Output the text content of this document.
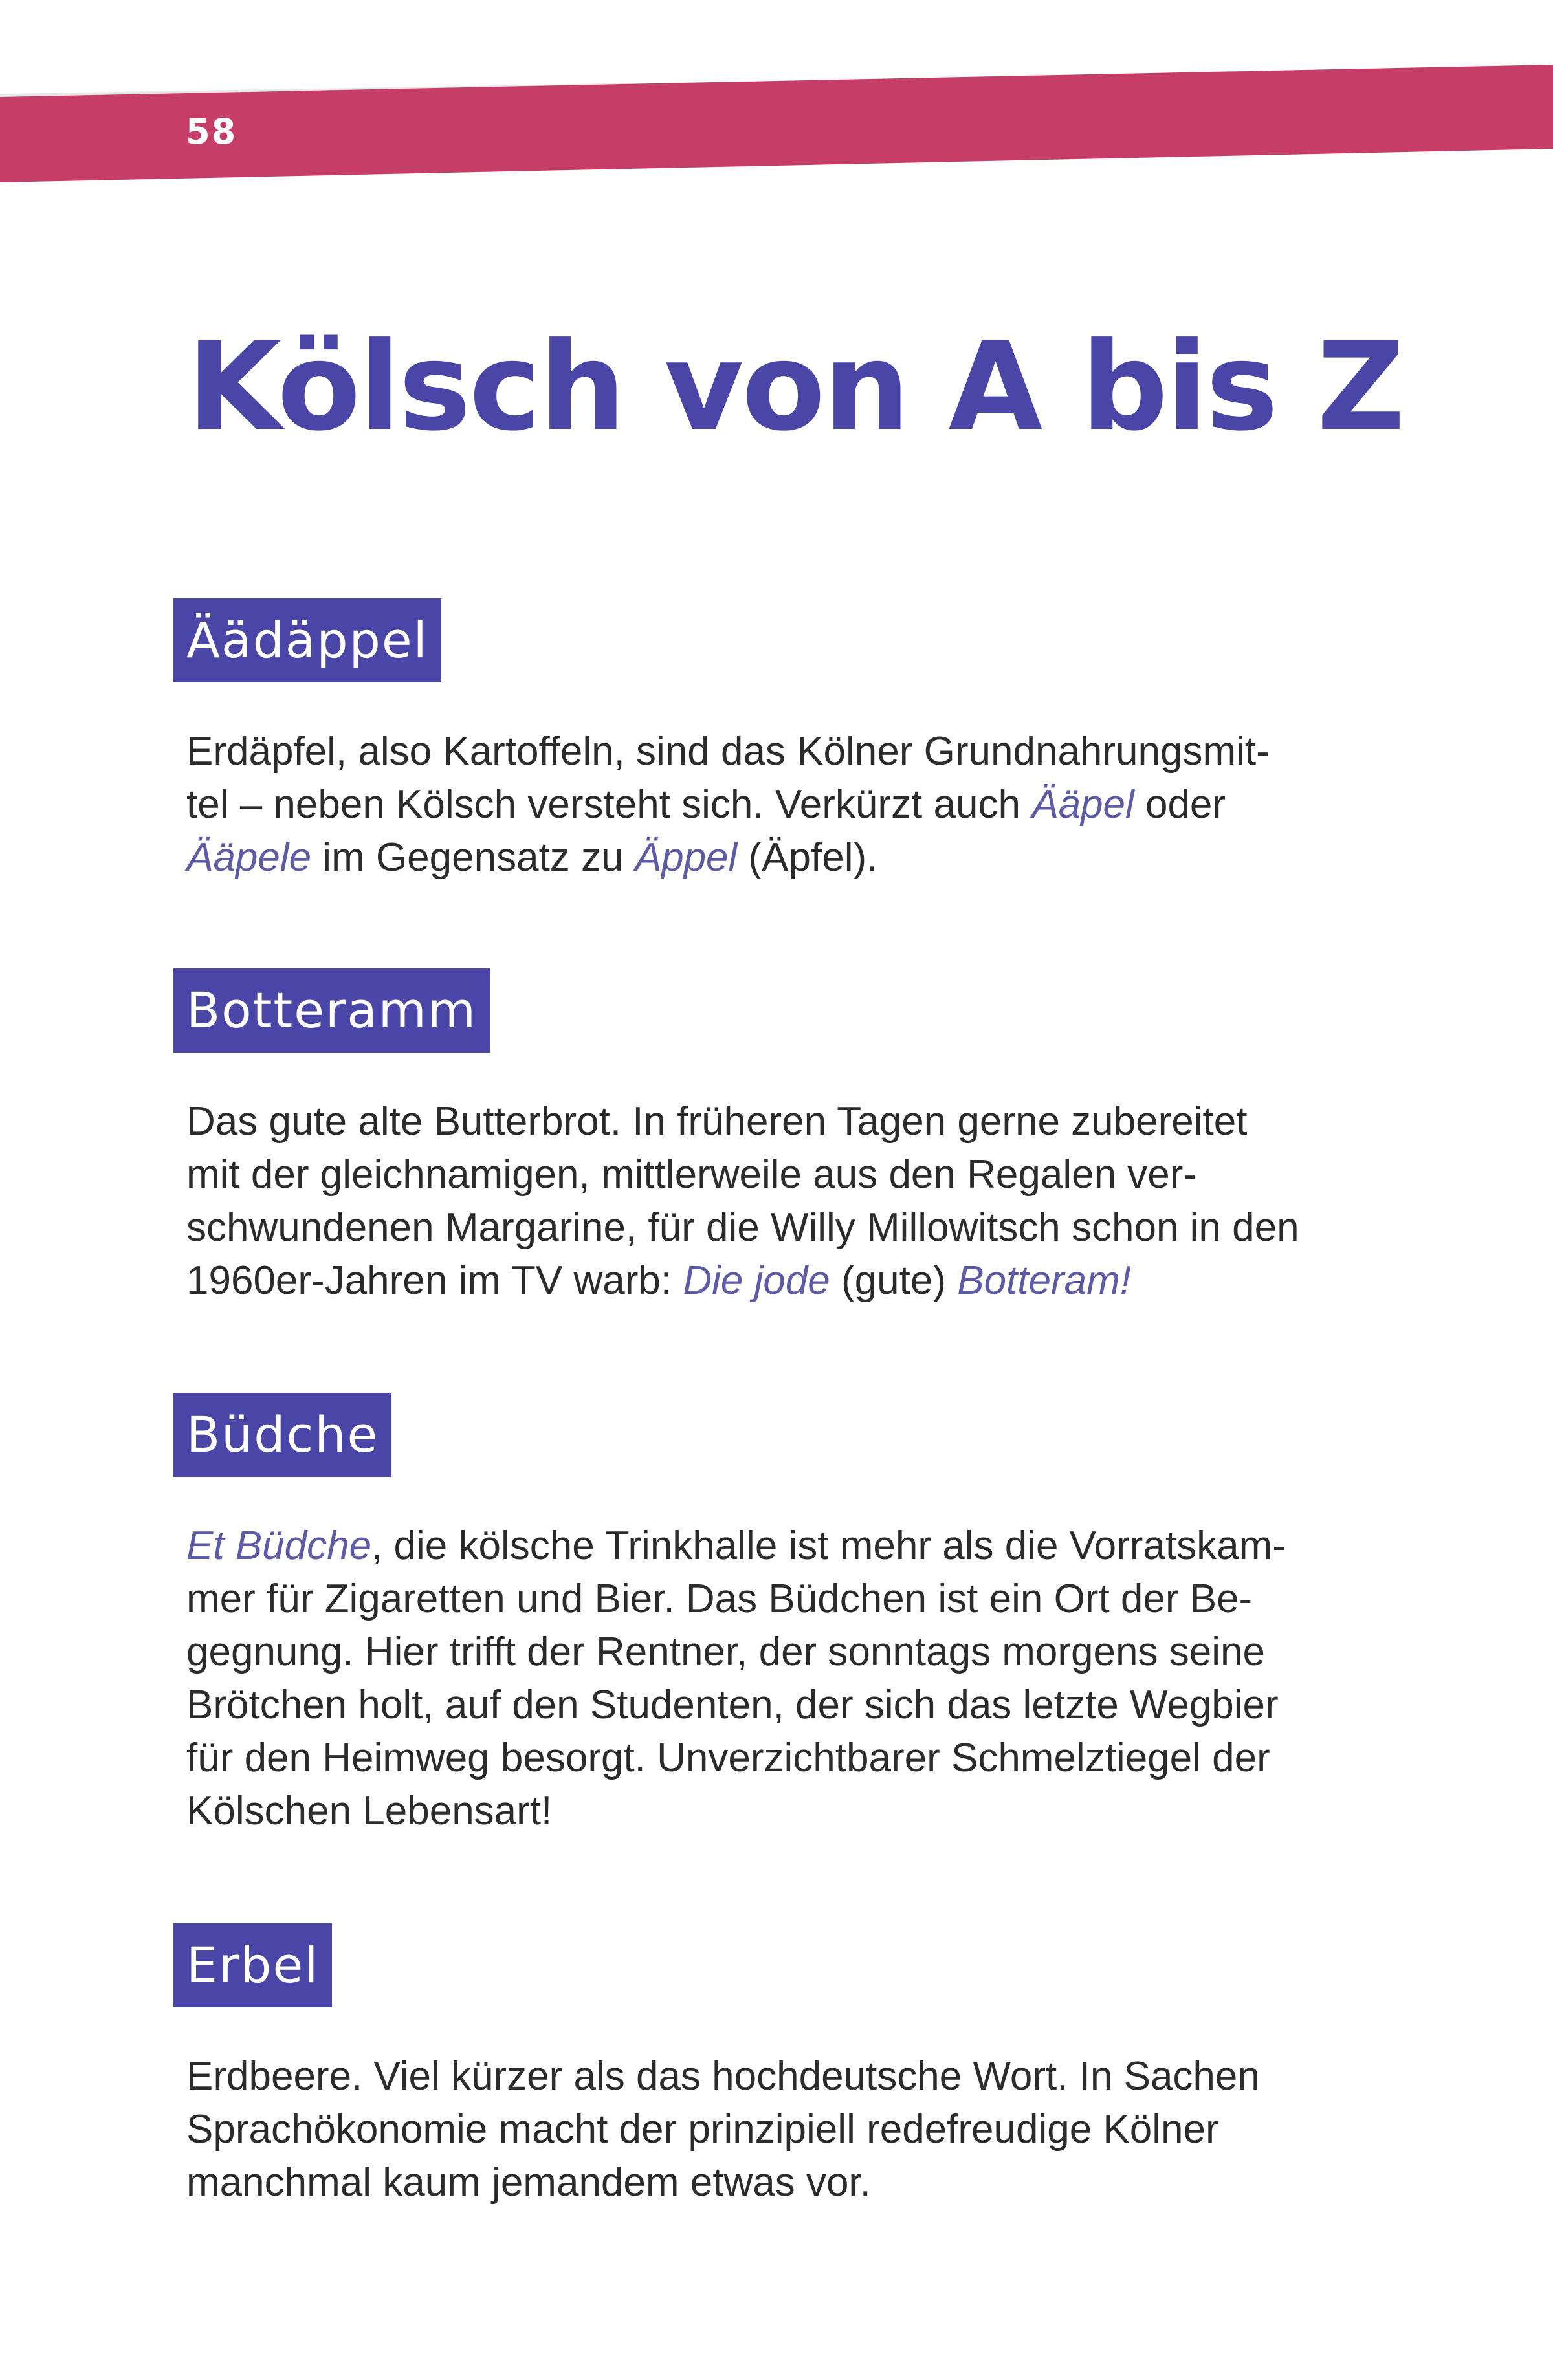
58
Kölsch von A bis Z
Äädäppel
Erdäpfel, also Kartoffeln, sind das Kölner Grundnahrungsmit-
tel – neben Kölsch versteht sich. Verkürzt auch Ääpel oder
Ääpele im Gegensatz zu Äppel (Äpfel).
Botteramm
Das gute alte Butterbrot. In früheren Tagen gerne zubereitet
mit der gleichnamigen, mittlerweile aus den Regalen ver-
schwundenen Margarine, für die Willy Millowitsch schon in den
1960er-Jahren im TV warb: Die jode (gute) Botteram!
Büdche
Et Büdche, die kölsche Trinkhalle ist mehr als die Vorratskam-
mer für Zigaretten und Bier. Das Büdchen ist ein Ort der Be-
gegnung. Hier trifft der Rentner, der sonntags morgens seine
Brötchen holt, auf den Studenten, der sich das letzte Wegbier
für den Heimweg besorgt. Unverzichtbarer Schmelztiegel der
Kölschen Lebensart!
Erbel
Erdbeere. Viel kürzer als das hochdeutsche Wort. In Sachen
Sprachökonomie macht der prinzipiell redefreudige Kölner
manchmal kaum jemandem etwas vor.
